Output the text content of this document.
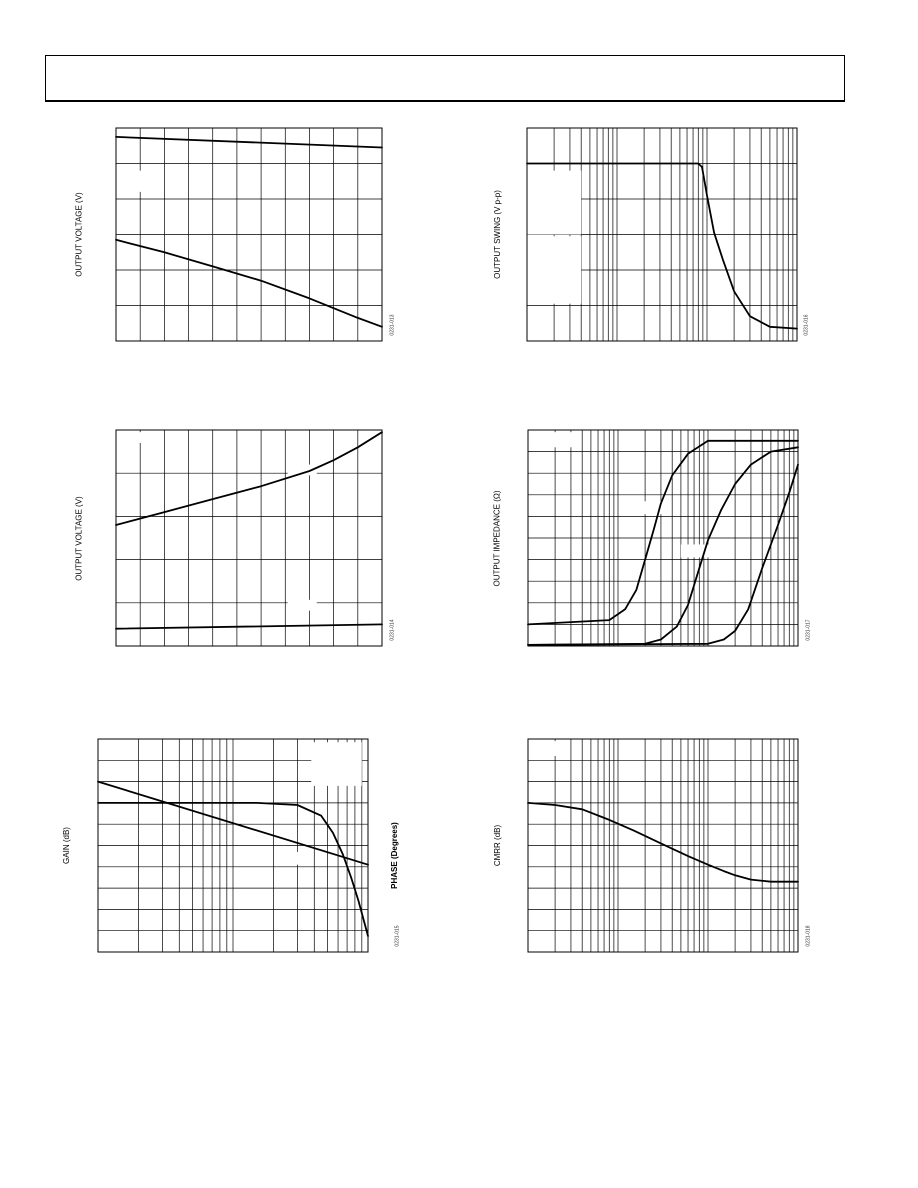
OUTPUT VOLTAGE (V)
0231-013
OUTPUT SWING (V p-p)
0231-016
OUTPUT VOLTAGE (V)
0231-014
OUTPUT IMPEDANCE (Ω)
0231-017
GAIN (dB)	PHASE (Degrees)
0231-015
CMRR (dB)
0231-018
